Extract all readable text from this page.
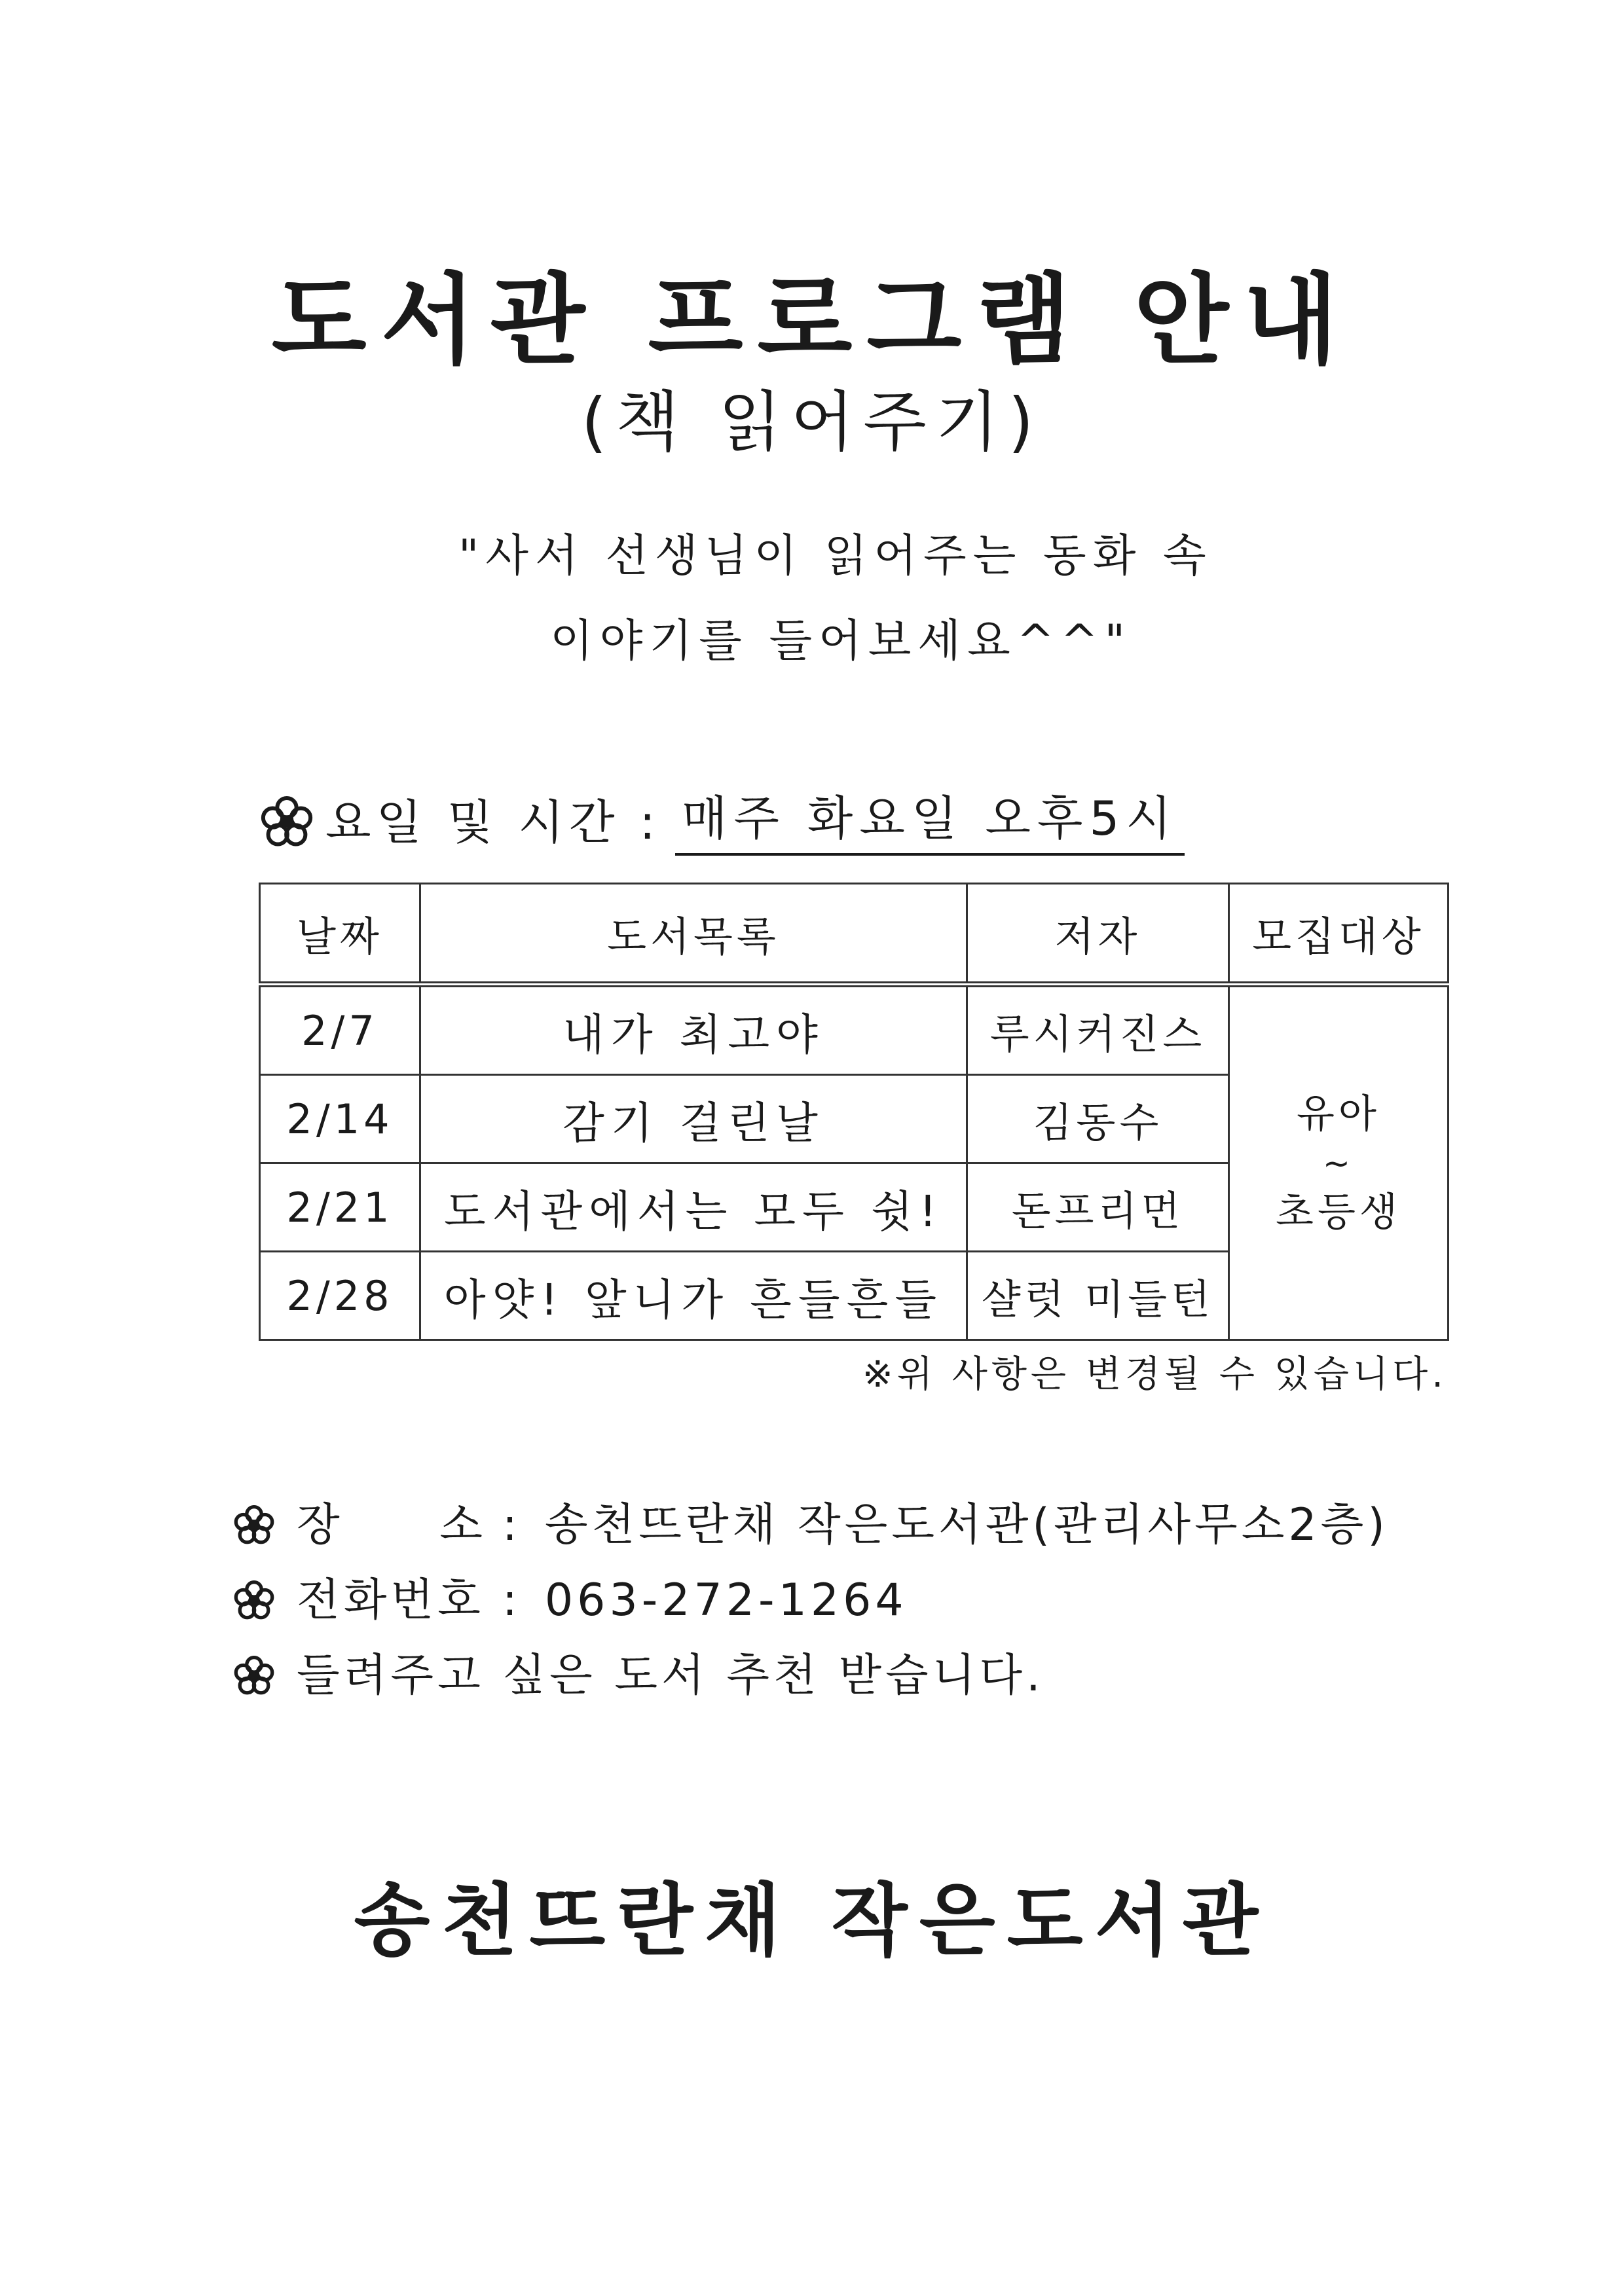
도서관 프로그램 안내
(책 읽어주기)
"사서 선생님이 읽어주는 동화 속
이야기를 들어보세요^^"
요일 및 시간 : 매주 화요일 오후5시
날짜	도서목록	저자	모집대상
2/7	내가 최고야	루시커진스	유아
~
초등생
2/14	감기 걸린날	김동수	
2/21	도서관에서는 모두 쉿!	돈프리먼	
2/28	아얏! 앞니가 흔들흔들	샬럿 미들턴	
※위 사항은 변경될 수 있습니다.
장 소 : 송천뜨란채 작은도서관(관리사무소2층)
전화번호 : 063-272-1264
들려주고 싶은 도서 추천 받습니다.
송천뜨란채 작은도서관
